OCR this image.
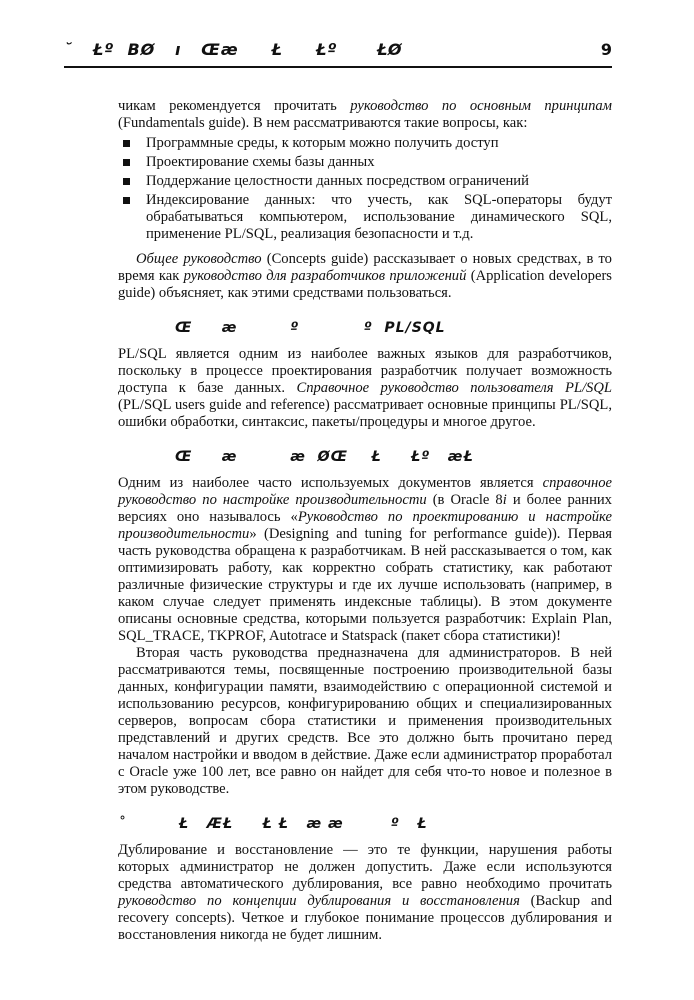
˘   Łº  ΒØ   ı   Œæ     Ł     Łº      ŁØ	9

чикам рекомендуется прочитать руководство по основным принципам (Fundamentals guide). В нем рассматриваются такие вопросы, как:

Программные среды, к которым можно получить доступ
Проектирование схемы базы данных
Поддержание целостности данных посредством ограничений
Индексирование данных: что учесть, как SQL-операторы будут обрабатываться компьютером, использование динамического SQL, применение PL/SQL, реализация безопасности и т.д.

Общее руководство (Concepts guide) рассказывает о новых средствах, в то время как руководство для разработчиков приложений (Application developers guide) объясняет, как этими средствами пользоваться.

Œ     æ         º           º  PL/SQL

PL/SQL является одним из наиболее важных языков для разработчиков, поскольку в процессе проектирования разработчик получает возможность доступа к базе данных. Справочное руководство пользователя PL/SQL (PL/SQL users guide and reference) рассматривает основные принципы PL/SQL, ошибки обработки, синтаксис, пакеты/процедуры и многое другое.

Œ     æ         æ  ØŒ    Ł     Łº   æŁ

Одним из наиболее часто используемых документов является справочное руководство по настройке производительности (в Oracle 8i и более ранних версиях оно называлось «Руководство по проектированию и настройке производительности» (Designing and tuning for performance guide)). Первая часть руководства обращена к разработчикам. В ней рассказывается о том, как оптимизировать работу, как корректно собрать статистику, как работают различные физические структуры и где их лучше использовать (например, в каком случае следует применять индексные таблицы). В этом документе описаны основные средства, которыми пользуется разработчик: Explain Plan, SQL_TRACE, TKPROF, Autotrace и Statspack (пакет сбора статистики)!

Вторая часть руководства предназначена для администраторов. В ней рассматриваются темы, посвященные построению производительной базы данных, конфигурации памяти, взаимодействию с операционной системой и использованию ресурсов, конфигурированию общих и специализированных серверов, вопросам сбора статистики и применения производительных представлений и других средств. Все это должно быть прочитано перед началом настройки и вводом в действие. Даже если администратор проработал с Oracle уже 100 лет, все равно он найдет для себя что-то новое и полезное в этом руководстве.

˚         Ł   ÆŁ     Ł Ł   æ æ        º   Ł

Дублирование и восстановление — это те функции, нарушения работы которых администратор не должен допустить. Даже если используются средства автоматического дублирования, все равно необходимо прочитать руководство по концепции дублирования и восстановления (Backup and recovery concepts). Четкое и глубокое понимание процессов дублирования и восстановления никогда не будет лишним.
